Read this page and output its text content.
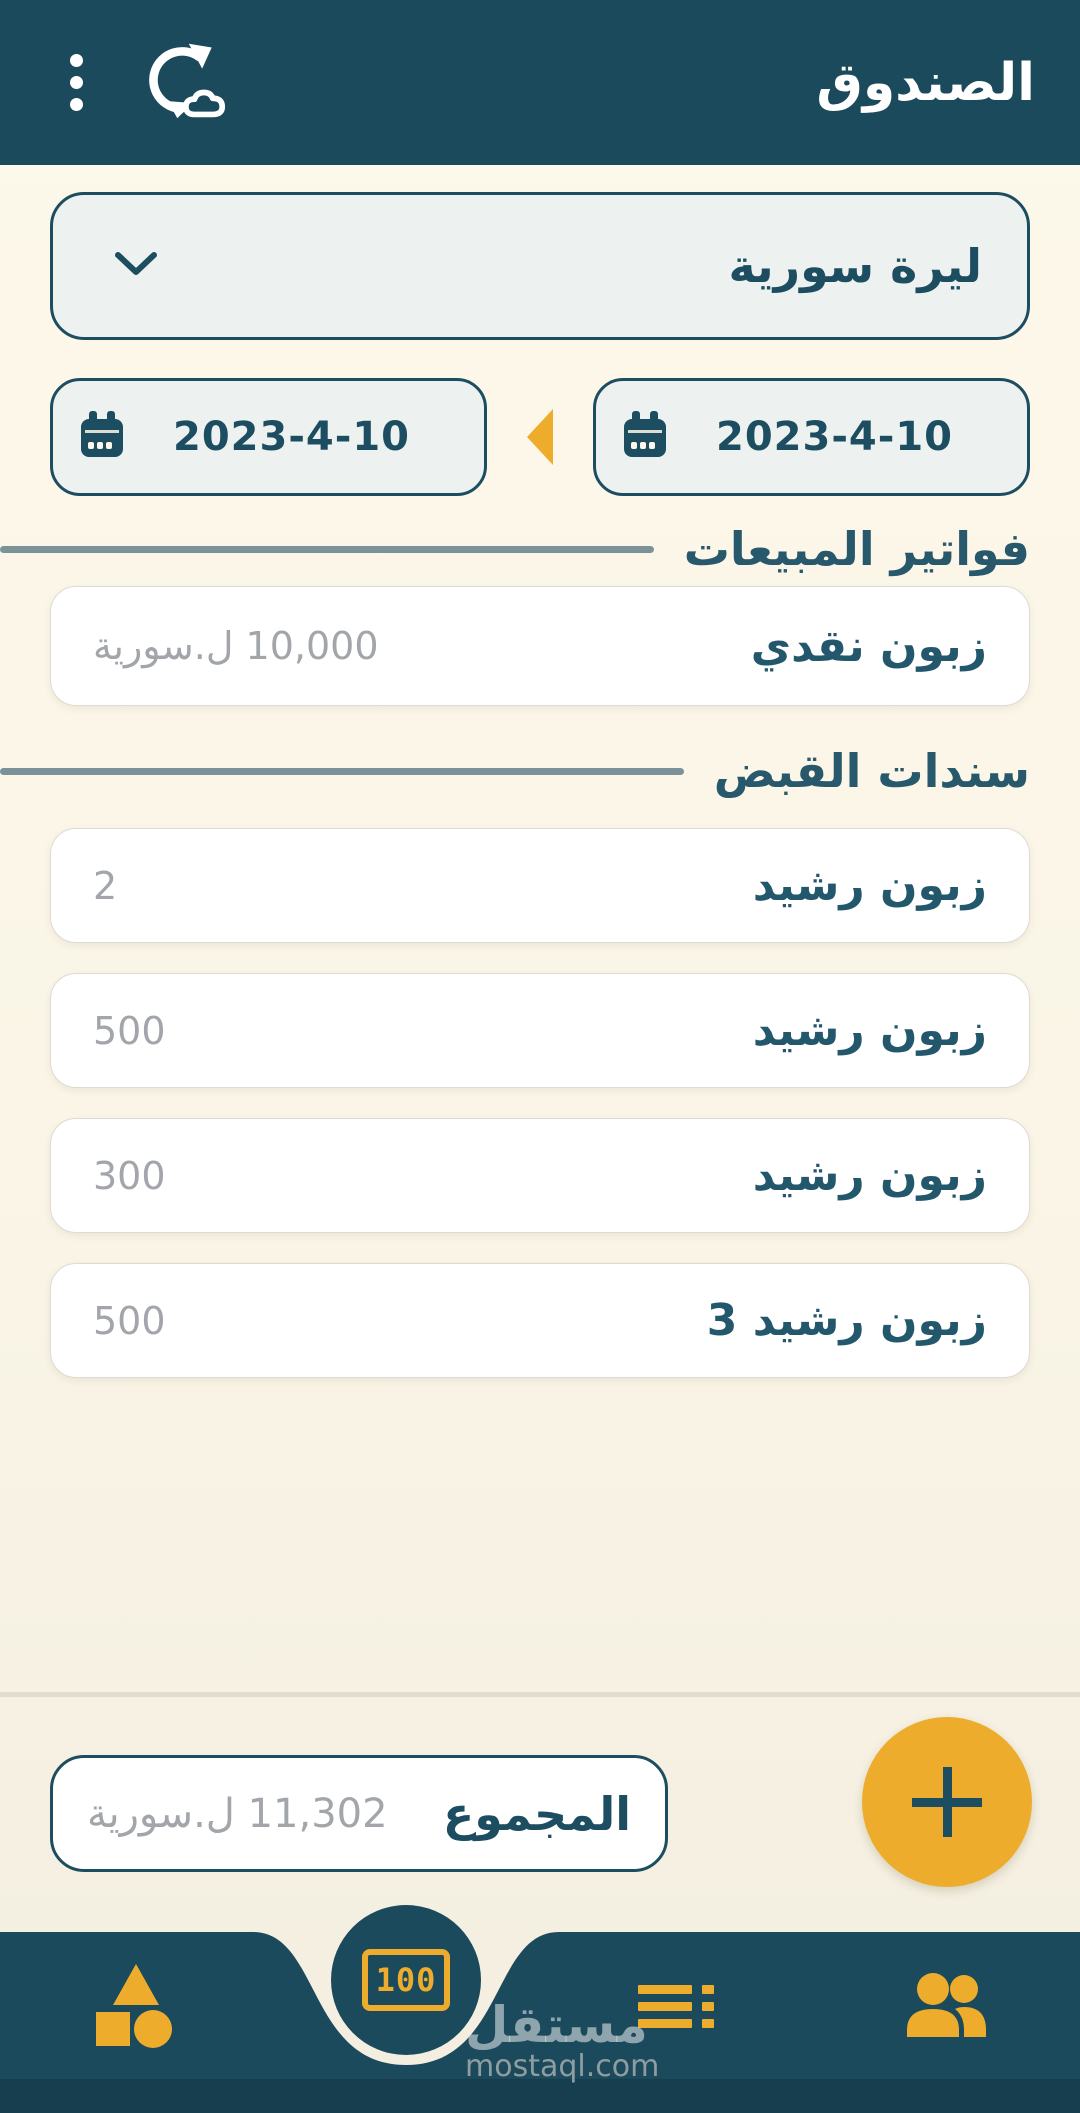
الصندوق
ليرة سورية
2023-4-10
2023-4-10
فواتير المبيعات
زبون نقدي
10,000 ل.سورية
سندات القبض
زبون رشيد
2
زبون رشيد
500
زبون رشيد
300
زبون رشيد 3
500
المجموع
11,302 ل.سورية
100
مستقل
mostaql.com
